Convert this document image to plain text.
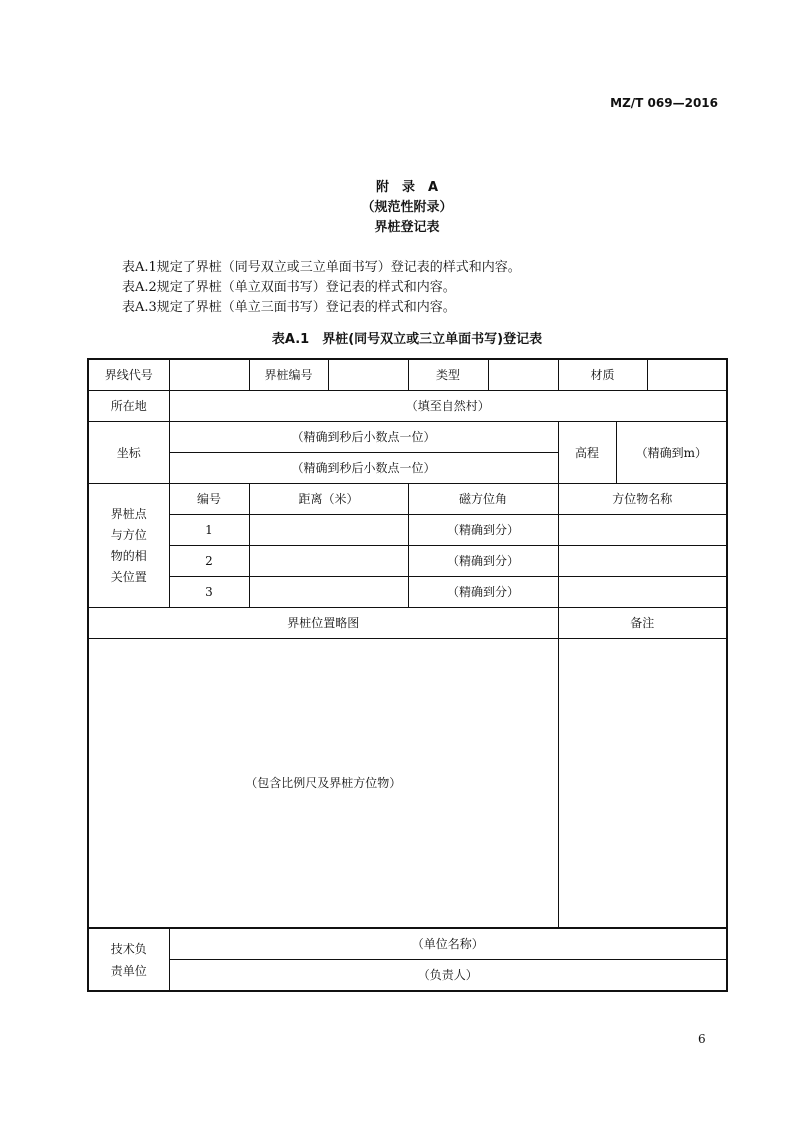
MZ/T 069—2016
附　录　A
（规范性附录）
界桩登记表
表A.1规定了界桩（同号双立或三立单面书写）登记表的样式和内容。
表A.2规定了界桩（单立双面书写）登记表的样式和内容。
表A.3规定了界桩（单立三面书写）登记表的样式和内容。
表A.1　界桩(同号双立或三立单面书写)登记表
界线代号		界桩编号		类型		材质		
所在地	（填至自然村）							
坐标	（精确到秒后小数点一位）					高程	（精确到m）	
	（精确到秒后小数点一位）							
界桩点与方位物的相关位置	编号	距离（米）		磁方位角		方位物名称		
	1			（精确到分）				
	2			（精确到分）				
	3			（精确到分）				
界桩位置略图						备注		
（包含比例尺及界桩方位物）								
技术负责单位	（单位名称）							
	（负责人）							
6
